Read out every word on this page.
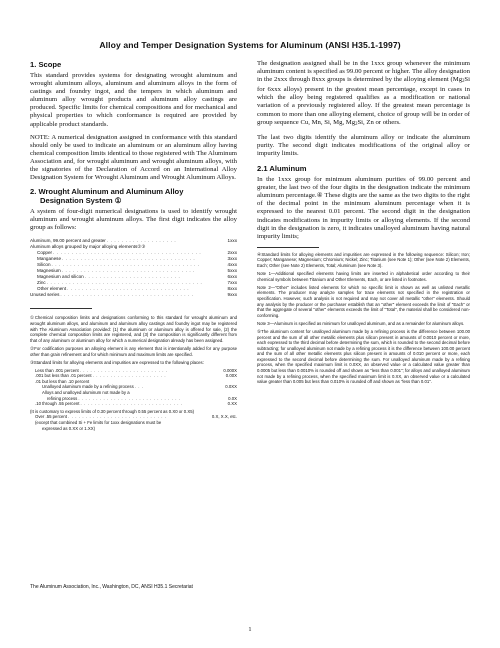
Alloy and Temper Designation Systems for Aluminum (ANSI H35.1-1997)
1. Scope

This standard provides systems for designating wrought aluminum and wrought aluminum alloys, aluminum and aluminum alloys in the form of castings and foundry ingot, and the tempers in which aluminum and aluminum alloy wrought products and aluminum alloy castings are produced. Specific limits for chemical compositions and for mechanical and physical properties to which conformance is required are provided by applicable product standards.

NOTE: A numerical designation assigned in conformance with this standard should only be used to indicate an aluminum or an aluminum alloy having chemical composition limits identical to those registered with The Aluminum Association and, for wrought aluminum and wrought aluminum alloys, with the signatories of the Declaration of Accord on an International Alloy Designation System for Wrought Aluminum and Wrought Aluminum Alloys.

2. Wrought Aluminum and Aluminum Alloy
Designation System ①

A system of four-digit numerical designations is used to identify wrought aluminum and wrought aluminum alloys. The first digit indicates the alloy group as follows:

Aluminum, 99.00 percent and greater . . . . . . . . . . . . . . . . . . .	1xxx
Aluminum alloys grouped by major alloying elements②③
Copper . . . . . . . . . . . . . . . . . . . . . . . . . . . . . . . . . . . . . . . .	2xxx
Manganese . . . . . . . . . . . . . . . . . . . . . . . . . . . . . . . . . . . .	3xxx
Silicon . . . . . . . . . . . . . . . . . . . . . . . . . . . . . . . . . . . . . . . .	4xxx
Magnesium . . . . . . . . . . . . . . . . . . . . . . . . . . . . . . . . . . . .	5xxx
Magnesium and silicon . . . . . . . . . . . . . . . . . . . . . . . . . .	6xxx
Zinc . . . . . . . . . . . . . . . . . . . . . . . . . . . . . . . . . . . . . . . . . .	7xxx
Other element . . . . . . . . . . . . . . . . . . . . . . . . . . . . . . . . .	8xxx
Unused series . . . . . . . . . . . . . . . . . . . . . . . . . . . . . . . . . . . .	9xxx

①Chemical composition limits and designations conforming to this standard for wrought aluminum and wrought aluminum alloys, and aluminum and aluminum alloy castings and foundry ingot may be registered with The Aluminum Association provided: (1) the aluminum or aluminum alloy is offered for sale, (2) the complete chemical composition limits are registered, and (3) the composition is significantly different from that of any aluminum or aluminum alloy for which a numerical designation already has been assigned.

②For codification purposes an alloying element is any element that is intentionally added for any purpose other than grain refinement and for which minimum and maximum limits are specified.

③Standard limits for alloying elements and impurities are expressed to the following places:

Less than .001 percent . . . . . . . . . . . . . . . . . . . . . . . . .	0.000X
.001 but less than .01 percent . . . . . . . . . . . . . . . . . . . . .	0.00X
.01 but less than .10 percent
Unalloyed aluminum made by a refining process . . .	0.0XX
Alloys and unalloyed aluminum not made by a
refining process . . . . . . . . . . . . . . . . . . . . . . . . . . . . .	0.0X
.10 through .55 percent . . . . . . . . . . . . . . . . . . . . . . . . . . . . .	0.XX
(It is customary to express limits of 0.30 percent through 0.55 percent as 0.X0 or 0.X5)
Over .55 percent . . . . . . . . . . . . . . . . . . . . . . . . . . . .	0.X, X.X, etc.
(except that combined Si + Fe limits for 1xxx designations must be
expressed as 0.XX or 1.XX)

The designation assigned shall be in the 1xxx group whenever the minimum aluminum content is specified as 99.00 percent or higher. The alloy designation in the 2xxx through 8xxx groups is determined by the alloying element ($Mg_2Si$ for 6xxx alloys) present in the greatest mean percentage, except in cases in which the alloy being registered qualifies as a modification or national variation of a previously registered alloy. If the greatest mean percentage is common to more than one alloying element, choice of group will be in order of group sequence Cu, Mn, Si, Mg, $Mg_2Si$, Zn or others.

The last two digits identify the aluminum alloy or indicate the aluminum purity. The second digit indicates modifications of the original alloy or impurity limits.

2.1 Aluminum

In the 1xxx group for minimum aluminum purities of 99.00 percent and greater, the last two of the four digits in the designation indicate the minimum aluminum percentage.④ These digits are the same as the two digits to the right of the decimal point in the minimum aluminum percentage when it is expressed to the nearest 0.01 percent. The second digit in the designation indicates modifications in impurity limits or alloying elements. If the second digit in the designation is zero, it indicates unalloyed aluminum having natural impurity limits;

④Standard limits for alloying elements and impurities are expressed in the following sequence: Silicon; Iron; Copper; Manganese; Magnesium; Chromium; Nickel; Zinc; Titanium (see Note 1); Other (see Note 2) Elements, Each; Other (see Note 2) Elements, Total; Aluminum (see Note 3).

Note 1—Additional specified elements having limits are inserted in alphabetical order according to their chemical symbols between Titanium and Other Elements, Each, or are listed in footnotes.

Note 2—"Other" includes listed elements for which no specific limit is shown as well as unlisted metallic elements. The producer may analyze samples for trace elements not specified in the registration or specification. However, such analysis is not required and may not cover all metallic "other" elements. Should any analysis by the producer or the purchaser establish that an "other" element exceeds the limit of "Each" or that the aggregate of several "other" elements exceeds the limit of "Total", the material shall be considered non-conforming.

Note 3—Aluminum is specified as minimum for unalloyed aluminum, and as a remainder for aluminum alloys.

⑤The aluminum content for unalloyed aluminum made by a refining process is the difference between 100.00 percent and the sum of all other metallic elements plus silicon present in amounts of 0.0010 percent or more, each expressed to the third decimal before determining the sum, which is rounded to the second decimal before subtracting; for unalloyed aluminum not made by a refining process it is the difference between 100.00 percent and the sum of all other metallic elements plus silicon present in amounts of 0.010 percent or more, each expressed to the second decimal before determining the sum. For unalloyed aluminum made by a refining process, when the specified maximum limit is 0.0XX, an observed value or a calculated value greater than 0.0005 but less than 0.0010% is rounded off and shown as "less than 0.001"; for alloys and unalloyed aluminum not made by a refining process, when the specified maximum limit is 0.XX, an observed value or a calculated value greater than 0.005 but less than 0.010% is rounded off and shown as "less than 0.01".

The Aluminum Association, Inc., Washington, DC, ANSI H35.1 Secretariat
1
